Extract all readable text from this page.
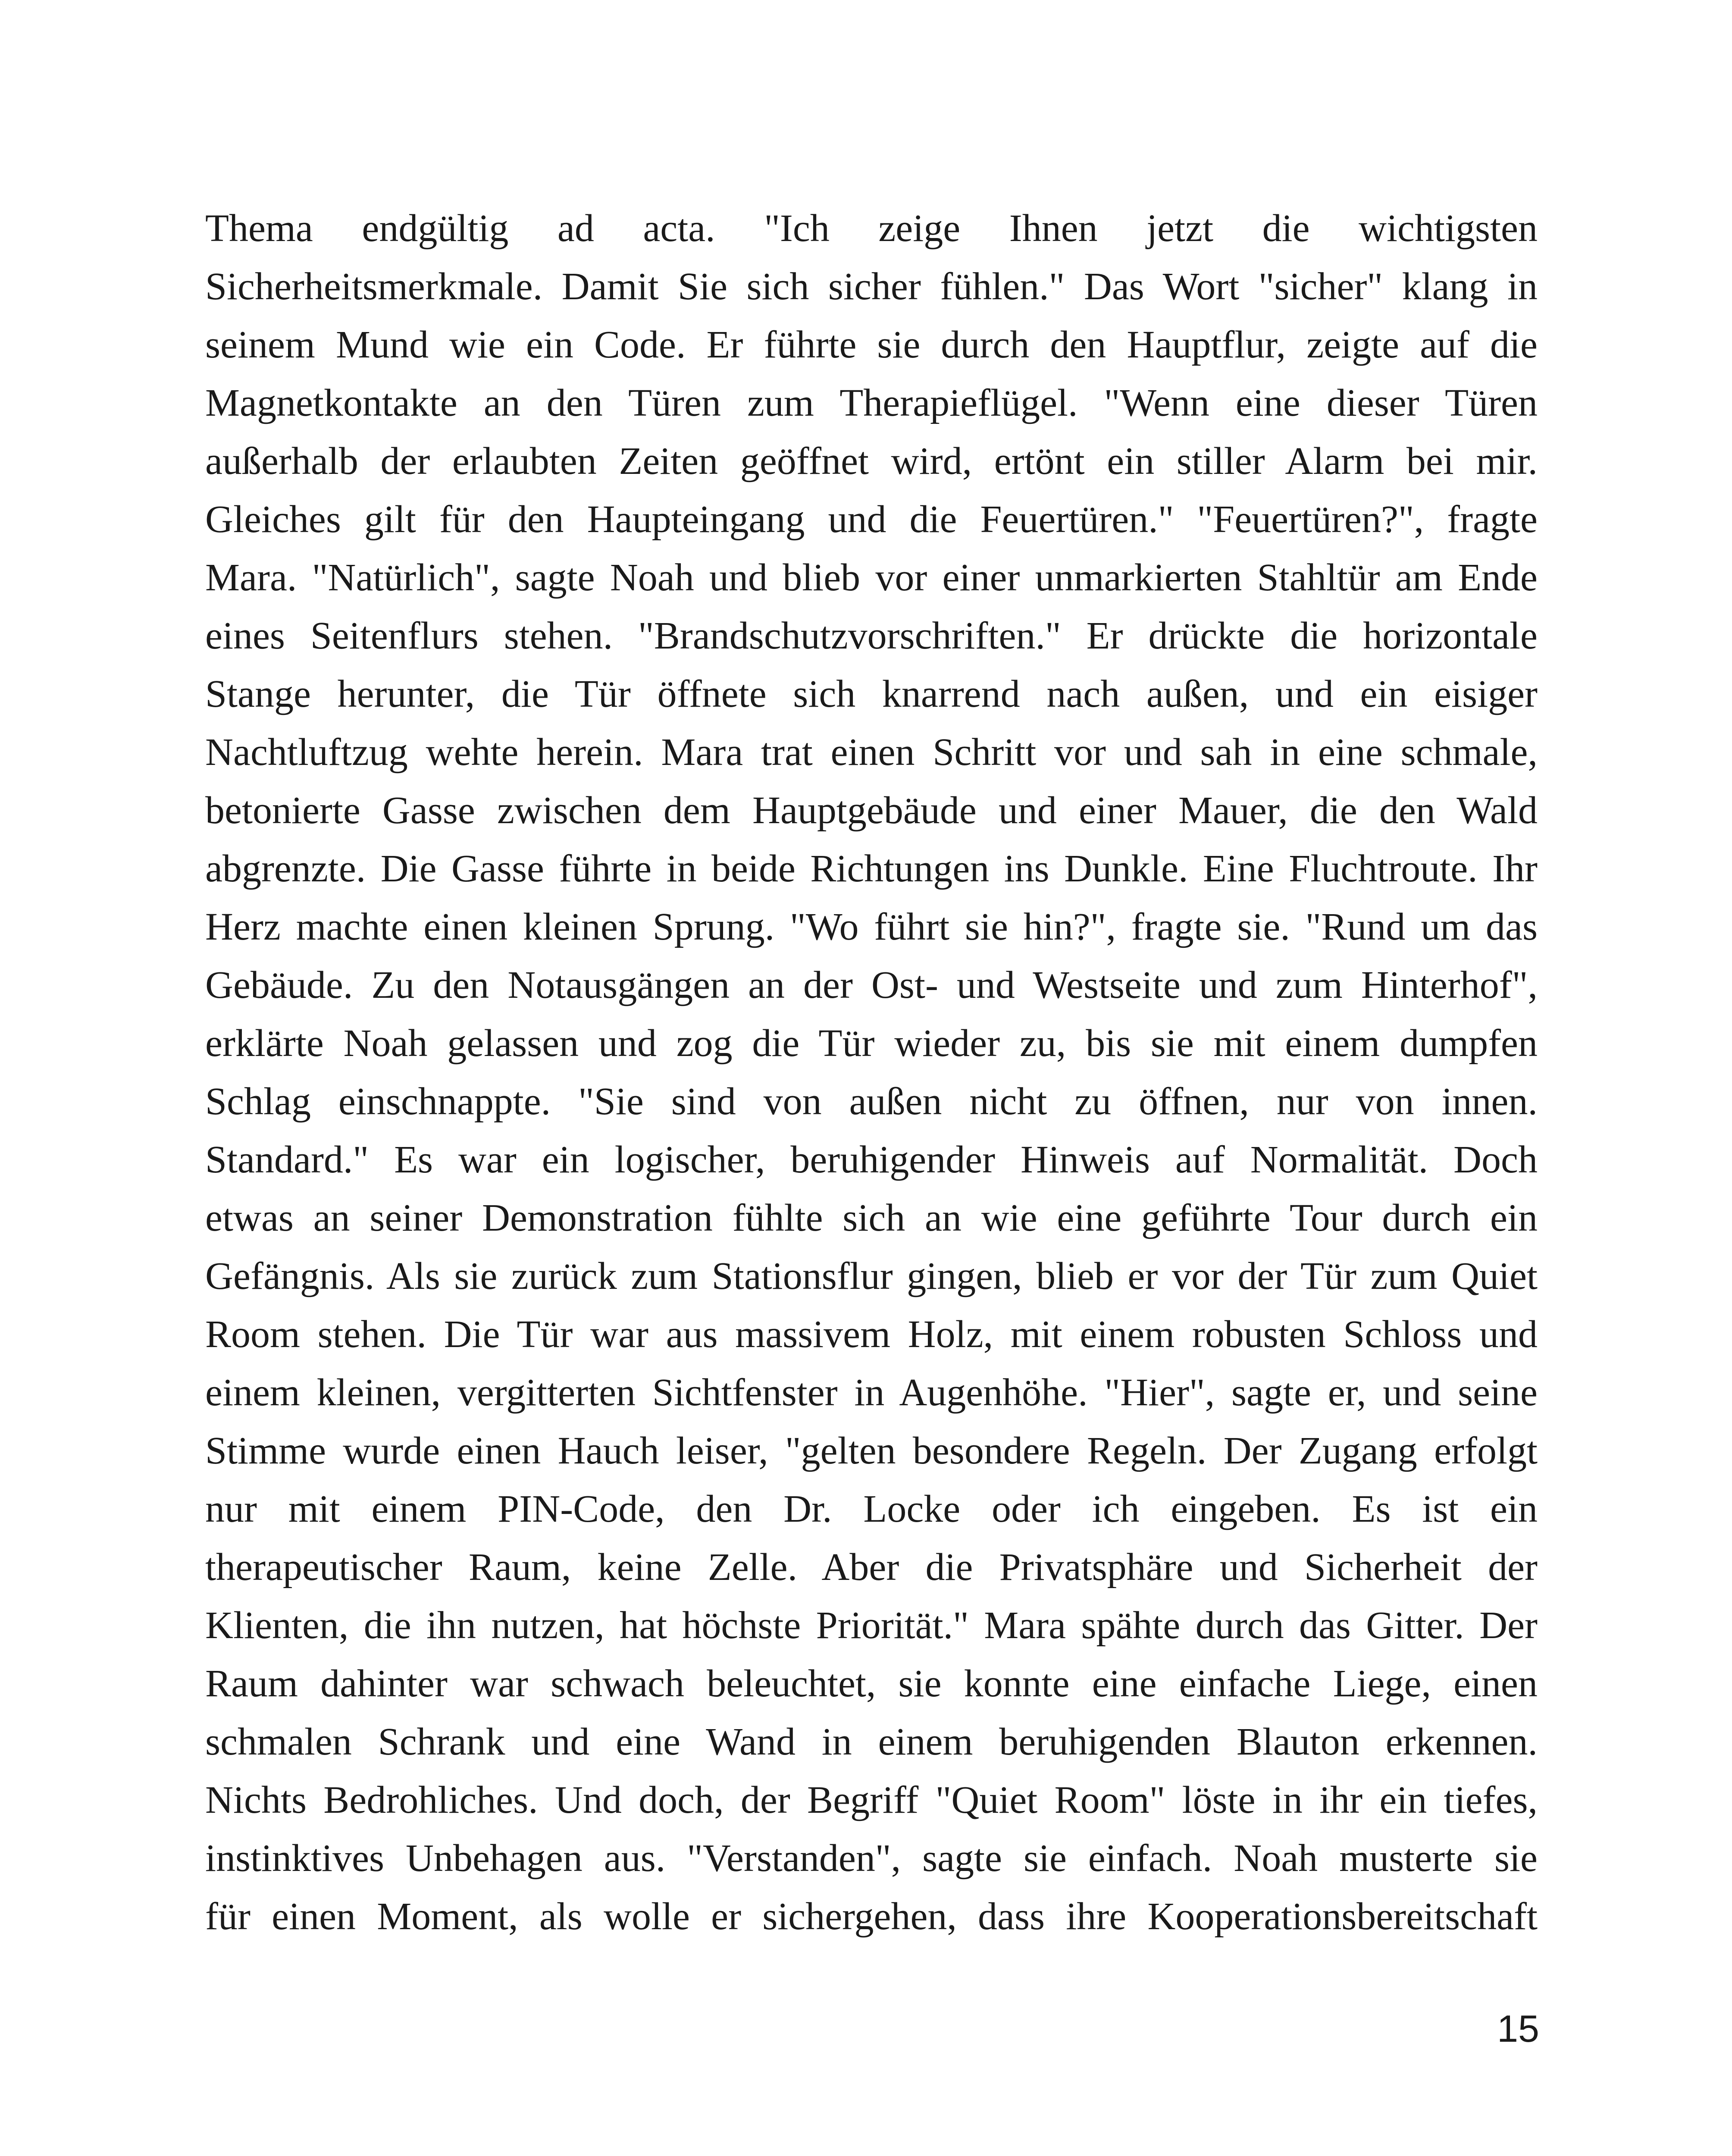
Thema endgültig ad acta. "Ich zeige Ihnen jetzt die wichtigsten
Sicherheitsmerkmale. Damit Sie sich sicher fühlen." Das Wort "sicher" klang in
seinem Mund wie ein Code. Er führte sie durch den Hauptflur, zeigte auf die
Magnetkontakte an den Türen zum Therapieflügel. "Wenn eine dieser Türen
außerhalb der erlaubten Zeiten geöffnet wird, ertönt ein stiller Alarm bei mir.
Gleiches gilt für den Haupteingang und die Feuertüren." "Feuertüren?", fragte
Mara. "Natürlich", sagte Noah und blieb vor einer unmarkierten Stahltür am Ende
eines Seitenflurs stehen. "Brandschutzvorschriften." Er drückte die horizontale
Stange herunter, die Tür öffnete sich knarrend nach außen, und ein eisiger
Nachtluftzug wehte herein. Mara trat einen Schritt vor und sah in eine schmale,
betonierte Gasse zwischen dem Hauptgebäude und einer Mauer, die den Wald
abgrenzte. Die Gasse führte in beide Richtungen ins Dunkle. Eine Fluchtroute. Ihr
Herz machte einen kleinen Sprung. "Wo führt sie hin?", fragte sie. "Rund um das
Gebäude. Zu den Notausgängen an der Ost- und Westseite und zum Hinterhof",
erklärte Noah gelassen und zog die Tür wieder zu, bis sie mit einem dumpfen
Schlag einschnappte. "Sie sind von außen nicht zu öffnen, nur von innen.
Standard." Es war ein logischer, beruhigender Hinweis auf Normalität. Doch
etwas an seiner Demonstration fühlte sich an wie eine geführte Tour durch ein
Gefängnis. Als sie zurück zum Stationsflur gingen, blieb er vor der Tür zum Quiet
Room stehen. Die Tür war aus massivem Holz, mit einem robusten Schloss und
einem kleinen, vergitterten Sichtfenster in Augenhöhe. "Hier", sagte er, und seine
Stimme wurde einen Hauch leiser, "gelten besondere Regeln. Der Zugang erfolgt
nur mit einem PIN-Code, den Dr. Locke oder ich eingeben. Es ist ein
therapeutischer Raum, keine Zelle. Aber die Privatsphäre und Sicherheit der
Klienten, die ihn nutzen, hat höchste Priorität." Mara spähte durch das Gitter. Der
Raum dahinter war schwach beleuchtet, sie konnte eine einfache Liege, einen
schmalen Schrank und eine Wand in einem beruhigenden Blauton erkennen.
Nichts Bedrohliches. Und doch, der Begriff "Quiet Room" löste in ihr ein tiefes,
instinktives Unbehagen aus. "Verstanden", sagte sie einfach. Noah musterte sie
für einen Moment, als wolle er sichergehen, dass ihre Kooperationsbereitschaft
15
